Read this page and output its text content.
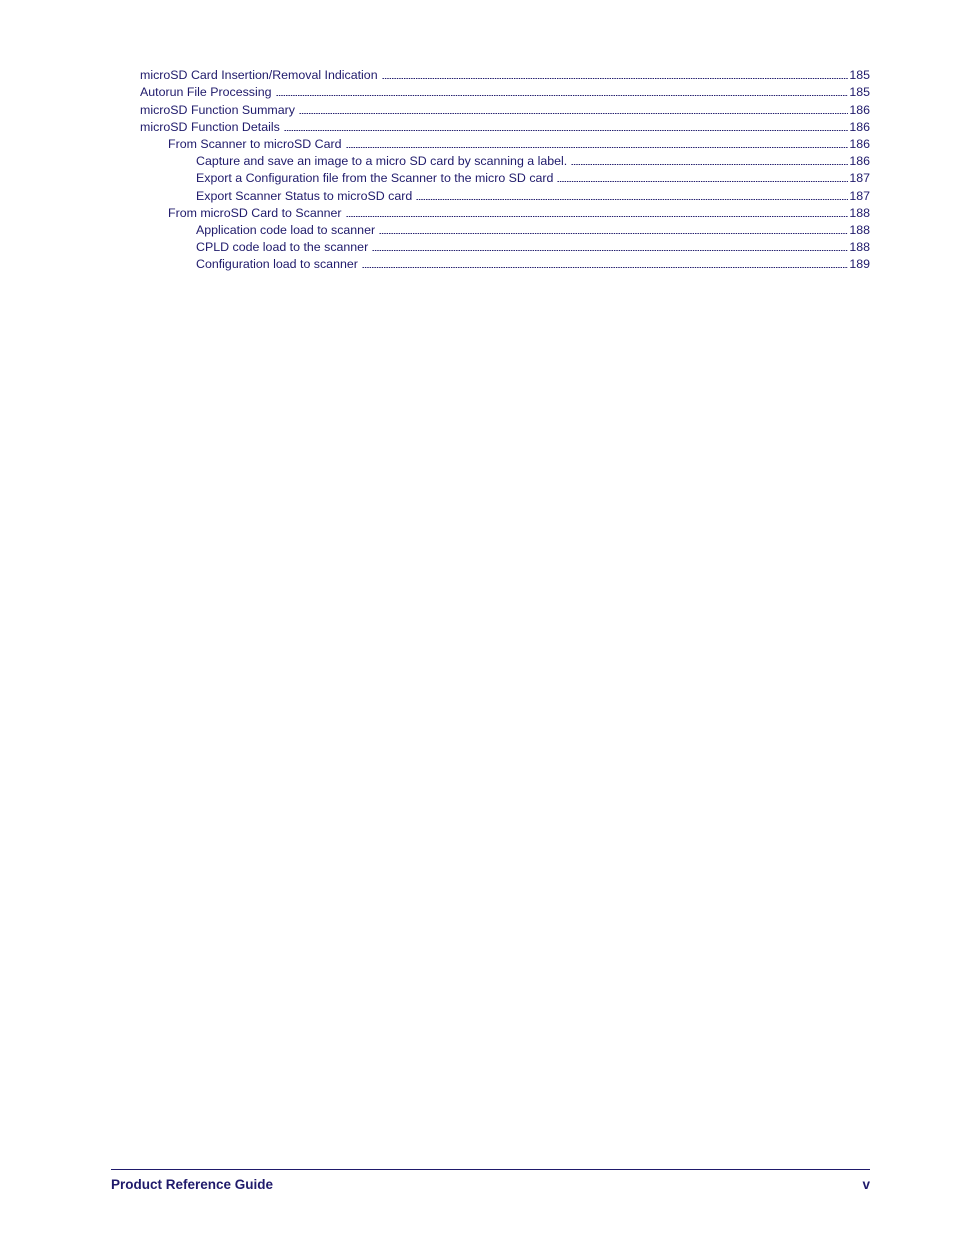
microSD Card Insertion/Removal Indication	185
Autorun File Processing	185
microSD Function Summary	186
microSD Function Details	186
From Scanner to microSD Card	186
Capture and save an image to a micro SD card by scanning a label.	186
Export a Configuration file from the Scanner to the micro SD card	187
Export Scanner Status to microSD card	187
From microSD Card to Scanner	188
Application code load to scanner	188
CPLD code load to the scanner	188
Configuration load to scanner	189
Product Reference Guide	v
